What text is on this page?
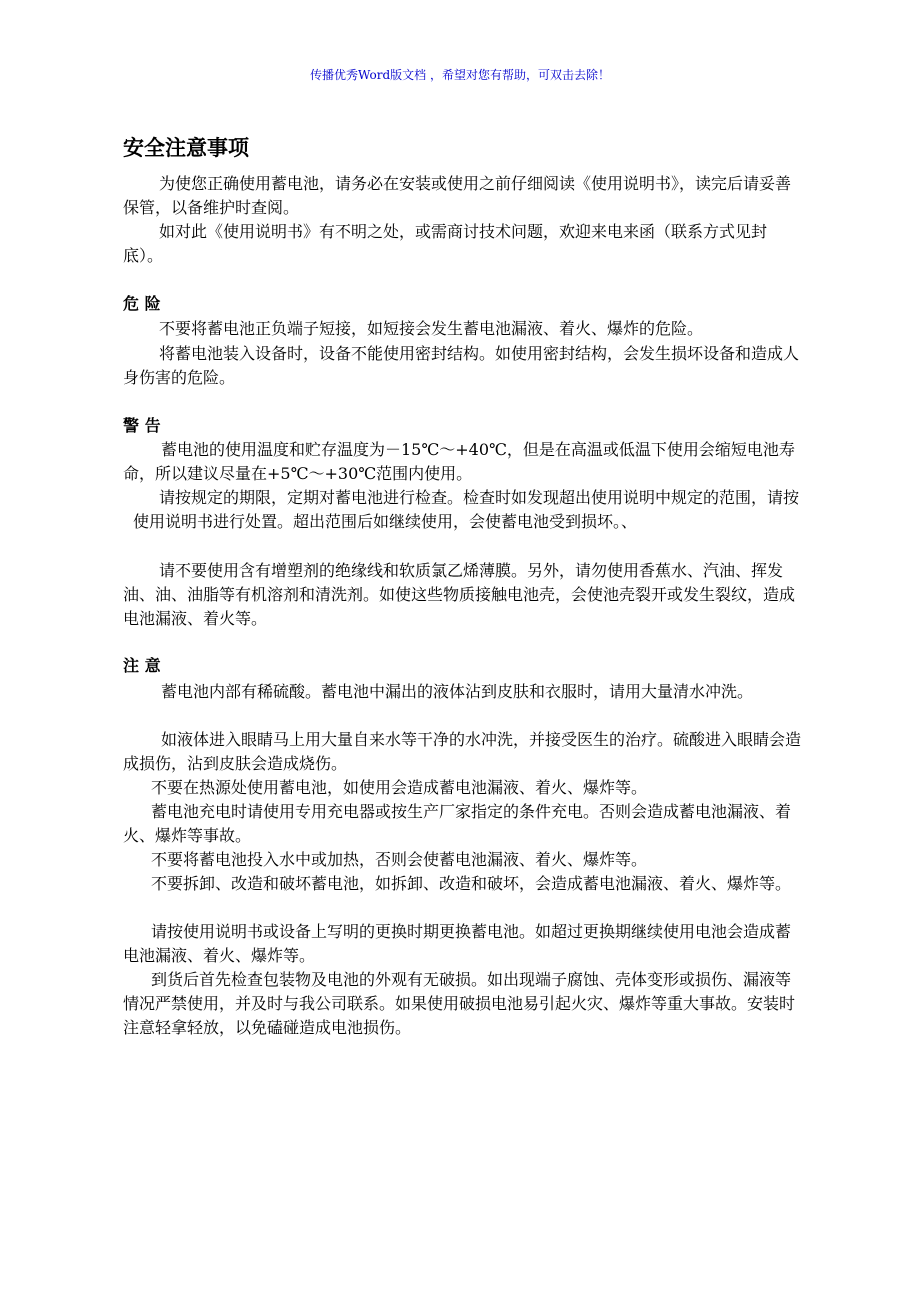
传播优秀Word版文档 ，希望对您有帮助，可双击去除！
安全注意事项

为使您正确使用蓄电池，请务必在安装或使用之前仔细阅读《使用说明书》，读完后请妥善保管，以备维护时查阅。

如对此《使用说明书》有不明之处，或需商讨技术问题，欢迎来电来函（联系方式见封底）。

危 险

不要将蓄电池正负端子短接，如短接会发生蓄电池漏液、着火、爆炸的危险。

将蓄电池装入设备时，设备不能使用密封结构。如使用密封结构，会发生损坏设备和造成人身伤害的危险。

警 告

蓄电池的使用温度和贮存温度为－15℃～+40℃，但是在高温或低温下使用会缩短电池寿命，所以建议尽量在+5℃～+30℃范围内使用。

请按规定的期限，定期对蓄电池进行检查。检查时如发现超出使用说明中规定的范围，请按使用说明书进行处置。超出范围后如继续使用，会使蓄电池受到损坏。、

请不要使用含有增塑剂的绝缘线和软质氯乙烯薄膜。另外，请勿使用香蕉水、汽油、挥发油、油、油脂等有机溶剂和清洗剂。如使这些物质接触电池壳，会使池壳裂开或发生裂纹，造成电池漏液、着火等。

注 意

蓄电池内部有稀硫酸。蓄电池中漏出的液体沾到皮肤和衣服时，请用大量清水冲洗。

如液体进入眼睛马上用大量自来水等干净的水冲洗，并接受医生的治疗。硫酸进入眼睛会造成损伤，沾到皮肤会造成烧伤。

不要在热源处使用蓄电池，如使用会造成蓄电池漏液、着火、爆炸等。

蓄电池充电时请使用专用充电器或按生产厂家指定的条件充电。否则会造成蓄电池漏液、着火、爆炸等事故。

不要将蓄电池投入水中或加热，否则会使蓄电池漏液、着火、爆炸等。

不要拆卸、改造和破坏蓄电池，如拆卸、改造和破坏，会造成蓄电池漏液、着火、爆炸等。

请按使用说明书或设备上写明的更换时期更换蓄电池。如超过更换期继续使用电池会造成蓄电池漏液、着火、爆炸等。

到货后首先检查包装物及电池的外观有无破损。如出现端子腐蚀、壳体变形或损伤、漏液等情况严禁使用，并及时与我公司联系。如果使用破损电池易引起火灾、爆炸等重大事故。安装时注意轻拿轻放，以免磕碰造成电池损伤。
